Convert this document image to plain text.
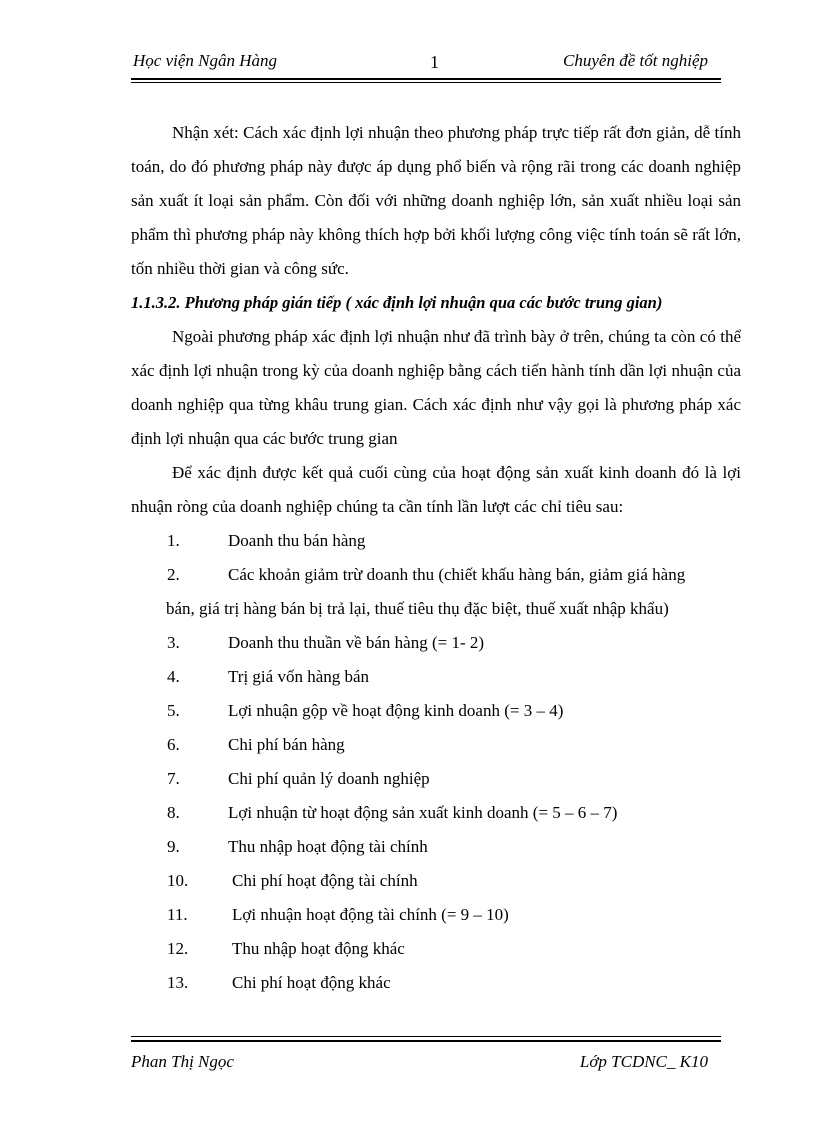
Học viện Ngân Hàng	1	Chuyên đề tốt nghiệp

Nhận xét: Cách xác định lợi nhuận theo phương pháp trực tiếp rất đơn giản, dễ tính toán, do đó phương pháp này được áp dụng phổ biến và rộng rãi trong các doanh nghiệp sản xuất ít loại sản phẩm. Còn đối với những doanh nghiệp lớn, sản xuất nhiều loại sản phẩm thì phương pháp này không thích hợp bởi khối lượng công việc tính toán sẽ rất lớn, tốn nhiều thời gian và công sức.

1.1.3.2. Phương pháp gián tiếp ( xác định lợi nhuận qua các bước trung gian)

Ngoài phương pháp xác định lợi nhuận như đã trình bày ở trên, chúng ta còn có thể xác định lợi nhuận trong kỳ của doanh nghiệp bằng cách tiến hành tính dần lợi nhuận của doanh nghiệp qua từng khâu trung gian. Cách xác định như vậy gọi là phương pháp xác định lợi nhuận qua các bước trung gian

Để xác định được kết quả cuối cùng của hoạt động sản xuất kinh doanh đó là lợi nhuận ròng của doanh nghiệp chúng ta cần tính lần lượt các chỉ tiêu sau:

1.	Doanh thu bán hàng
2.	Các khoản giảm trừ doanh thu (chiết khấu hàng bán, giảm giá hàng
bán, giá trị hàng bán bị trả lại, thuế tiêu thụ đặc biệt, thuế xuất nhập khẩu)
3.	Doanh thu thuần về bán hàng (= 1- 2)
4.	Trị giá vốn hàng bán
5.	Lợi nhuận gộp về hoạt động kinh doanh (= 3 – 4)
6.	Chi phí bán hàng
7.	Chi phí quản lý doanh nghiệp
8.	Lợi nhuận từ hoạt động sản xuất kinh doanh (= 5 – 6 – 7)
9.	Thu nhập hoạt động tài chính
10.	Chi phí hoạt động tài chính
11.	Lợi nhuận hoạt động tài chính (= 9 – 10)
12.	Thu nhập hoạt động khác
13.	Chi phí hoạt động khác
Phan Thị Ngọc	Lớp TCDNC_ K10
